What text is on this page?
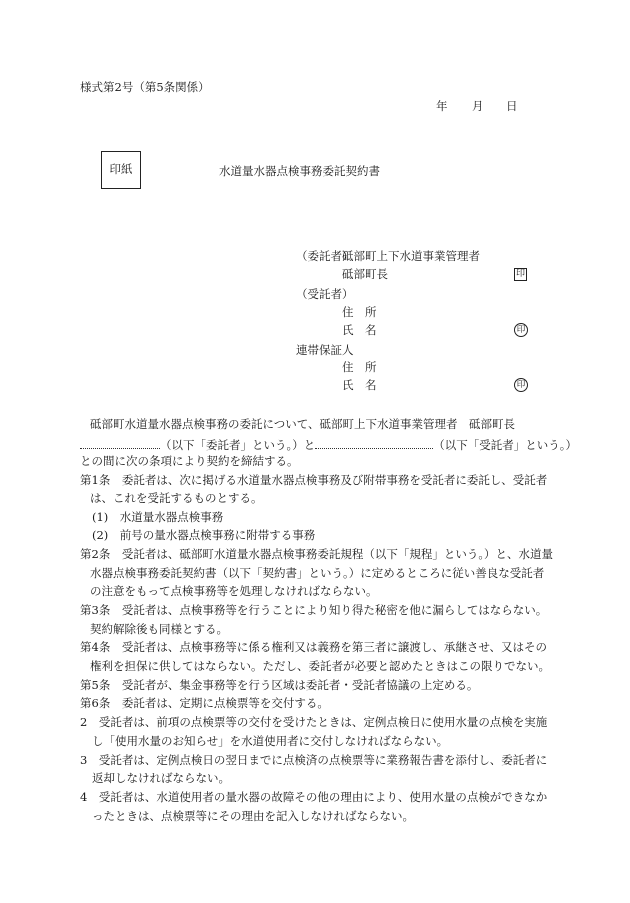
様式第2号（第5条関係）
年 月 日
印紙	水道量水器点検事務委託契約書
（委託者）
砥部町上下水道事業管理者
砥部町長	印
（受託者）
住　所
氏　名	印
連帯保証人
住　所
氏　名	印
砥部町水道量水器点検事務の委託について、砥部町上下水道事業管理者　砥部町長
（以下「委託者」という。）と	（以下「受託者」という。）
との間に次の条項により契約を締結する。
第1条　委託者は、次に掲げる水道量水器点検事務及び附帯事務を受託者に委託し、受託者
は、これを受託するものとする。
(1)　水道量水器点検事務
(2)　前号の量水器点検事務に附帯する事務
第2条　受託者は、砥部町水道量水器点検事務委託規程（以下「規程」という。）と、水道量
水器点検事務委託契約書（以下「契約書」という。）に定めるところに従い善良な受託者
の注意をもって点検事務等を処理しなければならない。
第3条　受託者は、点検事務等を行うことにより知り得た秘密を他に漏らしてはならない。
契約解除後も同様とする。
第4条　受託者は、点検事務等に係る権利又は義務を第三者に譲渡し、承継させ、又はその
権利を担保に供してはならない。ただし、委託者が必要と認めたときはこの限りでない。
第5条　受託者が、集金事務等を行う区域は委託者・受託者協議の上定める。
第6条　委託者は、定期に点検票等を交付する。
2　受託者は、前項の点検票等の交付を受けたときは、定例点検日に使用水量の点検を実施
し「使用水量のお知らせ」を水道使用者に交付しなければならない。
3　受託者は、定例点検日の翌日までに点検済の点検票等に業務報告書を添付し、委託者に
返却しなければならない。
4　受託者は、水道使用者の量水器の故障その他の理由により、使用水量の点検ができなか
ったときは、点検票等にその理由を記入しなければならない。
